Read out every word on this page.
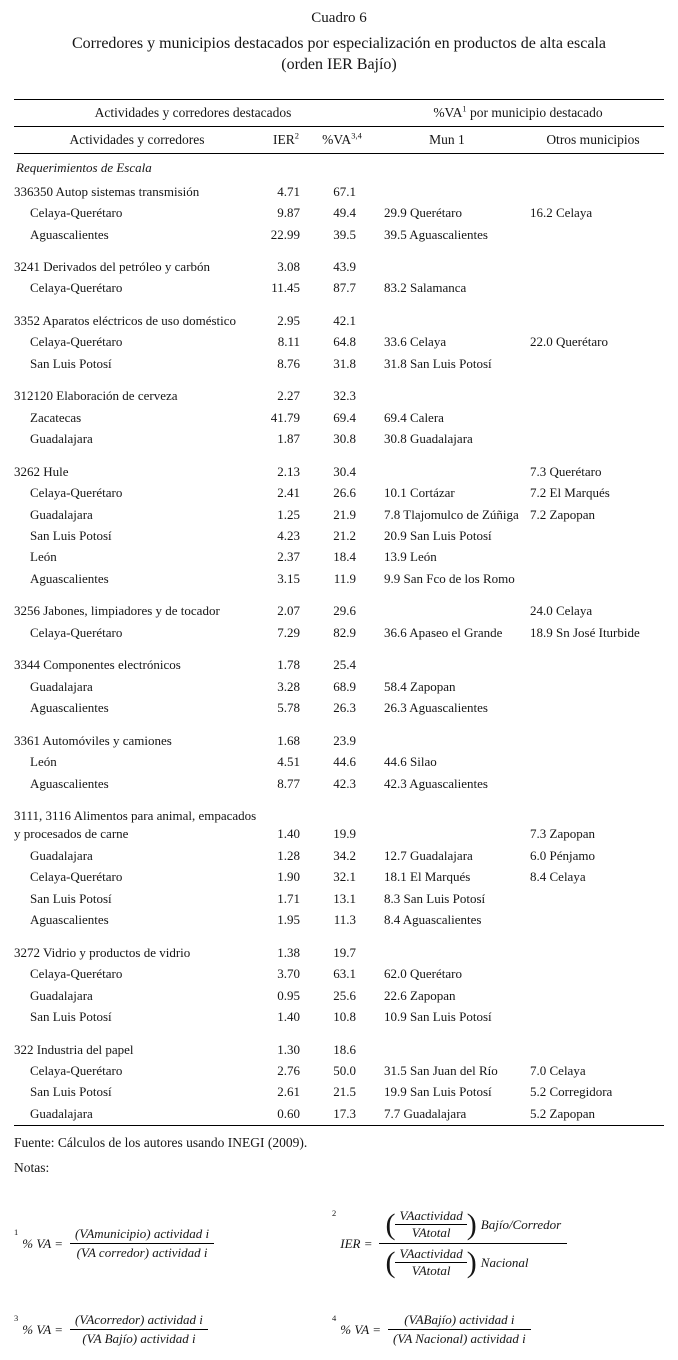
Cuadro 6
Corredores y municipios destacados por especialización en productos de alta escala
(orden IER Bajío)
Actividades y corredores destacados			$\%VA^1$ por municipio destacado	
Actividades y corredores	IER$^2$	%VA$^{3,4}$	Mun 1	Otros municipios
Requerimientos de Escala				
336350 Autop sistemas transmisión	4.71	67.1		
Celaya-Querétaro	9.87	49.4	29.9 Querétaro	16.2 Celaya
Aguascalientes	22.99	39.5	39.5 Aguascalientes	
3241 Derivados del petróleo y carbón	3.08	43.9		
Celaya-Querétaro	11.45	87.7	83.2 Salamanca	
3352 Aparatos eléctricos de uso doméstico	2.95	42.1		
Celaya-Querétaro	8.11	64.8	33.6 Celaya	22.0 Querétaro
San Luis Potosí	8.76	31.8	31.8 San Luis Potosí	
312120 Elaboración de cerveza	2.27	32.3		
Zacatecas	41.79	69.4	69.4 Calera	
Guadalajara	1.87	30.8	30.8 Guadalajara	
3262 Hule	2.13	30.4		7.3 Querétaro
Celaya-Querétaro	2.41	26.6	10.1 Cortázar	7.2 El Marqués
Guadalajara	1.25	21.9	7.8 Tlajomulco de Zúñiga	7.2 Zapopan
San Luis Potosí	4.23	21.2	20.9 San Luis Potosí	
León	2.37	18.4	13.9 León	
Aguascalientes	3.15	11.9	9.9 San Fco de los Romo	
3256 Jabones, limpiadores y de tocador	2.07	29.6		24.0 Celaya
Celaya-Querétaro	7.29	82.9	36.6 Apaseo el Grande	18.9 Sn José Iturbide
3344 Componentes electrónicos	1.78	25.4		
Guadalajara	3.28	68.9	58.4 Zapopan	
Aguascalientes	5.78	26.3	26.3 Aguascalientes	
3361 Automóviles y camiones	1.68	23.9		
León	4.51	44.6	44.6 Silao	
Aguascalientes	8.77	42.3	42.3 Aguascalientes	
3111, 3116 Alimentos para animal, empacados y procesados de carne	1.40	19.9		7.3 Zapopan
Guadalajara	1.28	34.2	12.7 Guadalajara	6.0 Pénjamo
Celaya-Querétaro	1.90	32.1	18.1 El Marqués	8.4 Celaya
San Luis Potosí	1.71	13.1	8.3 San Luis Potosí	
Aguascalientes	1.95	11.3	8.4 Aguascalientes	
3272 Vidrio y productos de vidrio	1.38	19.7		
Celaya-Querétaro	3.70	63.1	62.0 Querétaro	
Guadalajara	0.95	25.6	22.6 Zapopan	
San Luis Potosí	1.40	10.8	10.9 San Luis Potosí	
322 Industria del papel	1.30	18.6		
Celaya-Querétaro	2.76	50.0	31.5 San Juan del Río	7.0 Celaya
San Luis Potosí	2.61	21.5	19.9 San Luis Potosí	5.2 Corregidora
Guadalajara	0.60	17.3	7.7 Guadalajara	5.2 Zapopan
Fuente: Cálculos de los autores usando INEGI (2009).
Notas:
1
% VA = $\frac{\text{(VAmunicipio) actividad i}}{\text{(VA corredor) actividad i}}$
2
IER =
( $\frac{\text{VAactividad}}{\text{VAtotal}}$ ) Bajío/Corredor
( $\frac{\text{VAactividad}}{\text{VAtotal}}$ ) Nacional
3
% VA = $\frac{\text{(VAcorredor) actividad i}}{\text{(VA Bajío) actividad i}}$	4
% VA = $\frac{\text{(VABajío) actividad i}}{\text{(VA Nacional) actividad i}}$
